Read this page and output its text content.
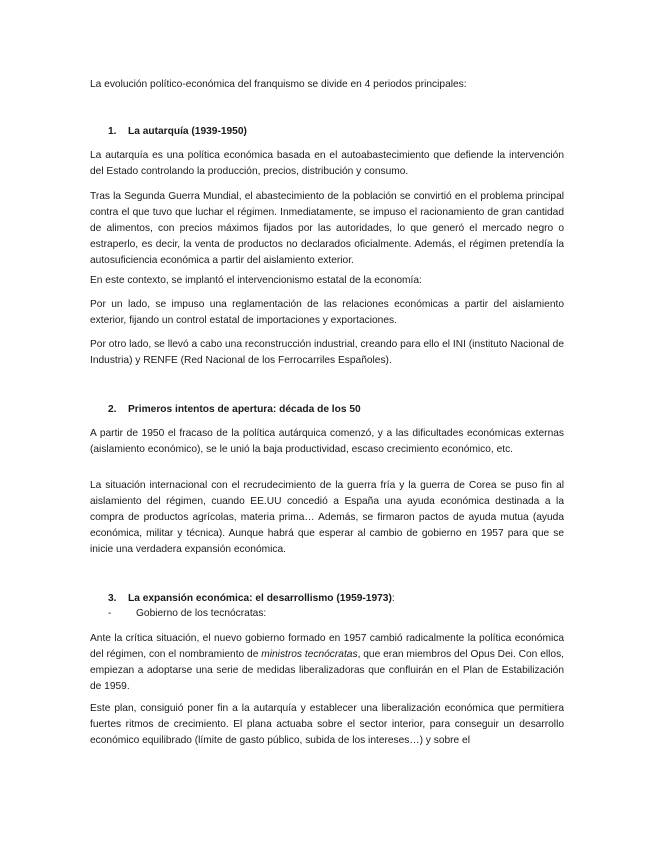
La evolución político-económica del franquismo se divide en 4 periodos principales:
1. La autarquía (1939-1950)
La autarquía es una política económica basada en el autoabastecimiento que defiende la intervención del Estado controlando la producción, precios, distribución y consumo.
Tras la Segunda Guerra Mundial, el abastecimiento de la población se convirtió en el problema principal contra el que tuvo que luchar el régimen. Inmediatamente, se impuso el racionamiento de gran cantidad de alimentos, con precios máximos fijados por las autoridades, lo que generó el mercado negro o estraperlo, es decir, la venta de productos no declarados oficialmente. Además, el régimen pretendía la autosuficiencia económica a partir del aislamiento exterior.
En este contexto, se implantó el intervencionismo estatal de la economía:
Por un lado, se impuso una reglamentación de las relaciones económicas a partir del aislamiento exterior, fijando un control estatal de importaciones y exportaciones.
Por otro lado, se llevó a cabo una reconstrucción industrial, creando para ello el INI (instituto Nacional de Industria) y RENFE (Red Nacional de los Ferrocarriles Españoles).
2. Primeros intentos de apertura: década de los 50
A partir de 1950 el fracaso de la política autárquica comenzó, y a las dificultades económicas externas (aislamiento económico), se le unió la baja productividad, escaso crecimiento económico, etc.
La situación internacional con el recrudecimiento de la guerra fría y la guerra de Corea se puso fin al aislamiento del régimen, cuando EE.UU concedió a España una ayuda económica destinada a la compra de productos agrícolas, materia prima… Además, se firmaron pactos de ayuda mutua (ayuda económica, militar y técnica). Aunque habrá que esperar al cambio de gobierno en 1957 para que se inicie una verdadera expansión económica.
3. La expansión económica: el desarrollismo (1959-1973):
- Gobierno de los tecnócratas:
Ante la crítica situación, el nuevo gobierno formado en 1957 cambió radicalmente la política económica del régimen, con el nombramiento de ministros tecnócratas, que eran miembros del Opus Dei. Con ellos, empiezan a adoptarse una serie de medidas liberalizadoras que confluirán en el Plan de Estabilización de 1959.
Este plan, consiguió poner fin a la autarquía y establecer una liberalización económica que permitiera fuertes ritmos de crecimiento. El plana actuaba sobre el sector interior, para conseguir un desarrollo económico equilibrado (límite de gasto público, subida de los intereses…) y sobre el
